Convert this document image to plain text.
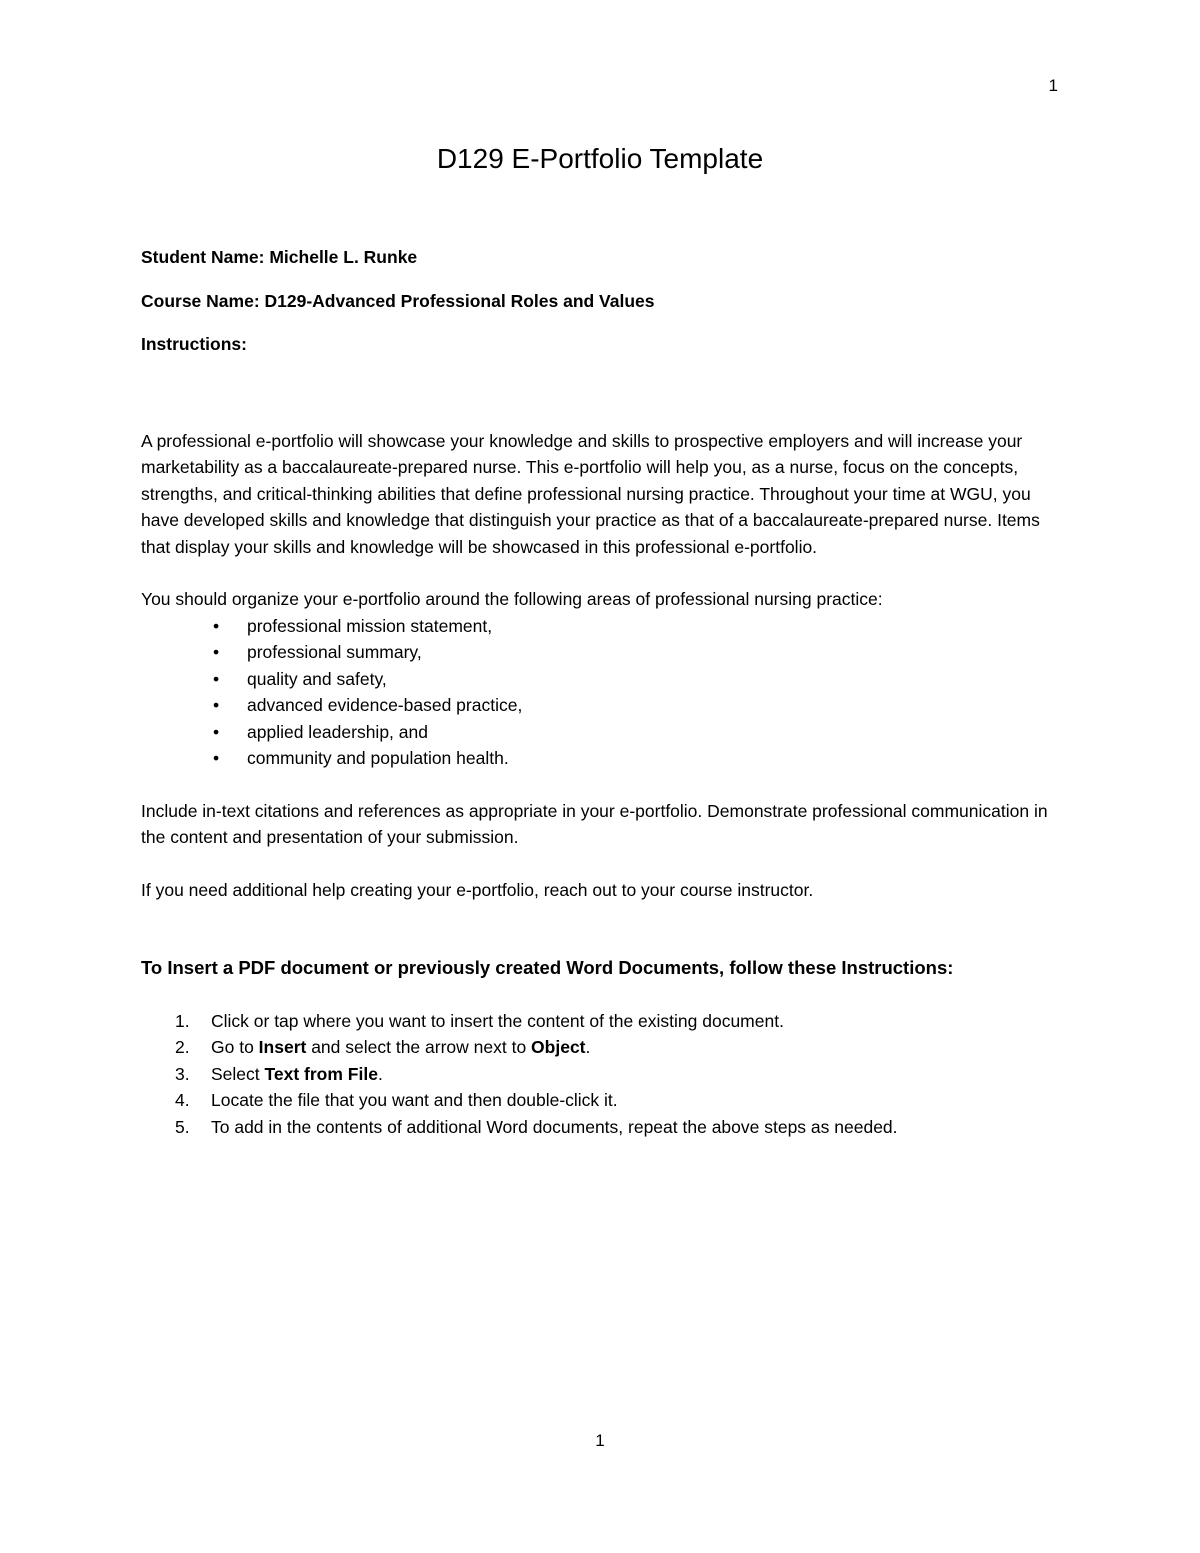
1
D129 E-Portfolio Template

Student Name: Michelle L. Runke

Course Name: D129-Advanced Professional Roles and Values

Instructions:

A professional e-portfolio will showcase your knowledge and skills to prospective employers and will increase your marketability as a baccalaureate-prepared nurse. This e-portfolio will help you, as a nurse, focus on the concepts, strengths, and critical-thinking abilities that define professional nursing practice. Throughout your time at WGU, you have developed skills and knowledge that distinguish your practice as that of a baccalaureate-prepared nurse. Items that display your skills and knowledge will be showcased in this professional e-portfolio.

You should organize your e-portfolio around the following areas of professional nursing practice:

• professional mission statement,
• professional summary,
• quality and safety,
• advanced evidence-based practice,
• applied leadership, and
• community and population health.

Include in-text citations and references as appropriate in your e-portfolio. Demonstrate professional communication in the content and presentation of your submission.

If you need additional help creating your e-portfolio, reach out to your course instructor.

To Insert a PDF document or previously created Word Documents, follow these Instructions:

1. Click or tap where you want to insert the content of the existing document.
2. Go to Insert and select the arrow next to Object.
3. Select Text from File.
4. Locate the file that you want and then double-click it.
5. To add in the contents of additional Word documents, repeat the above steps as needed.
1
